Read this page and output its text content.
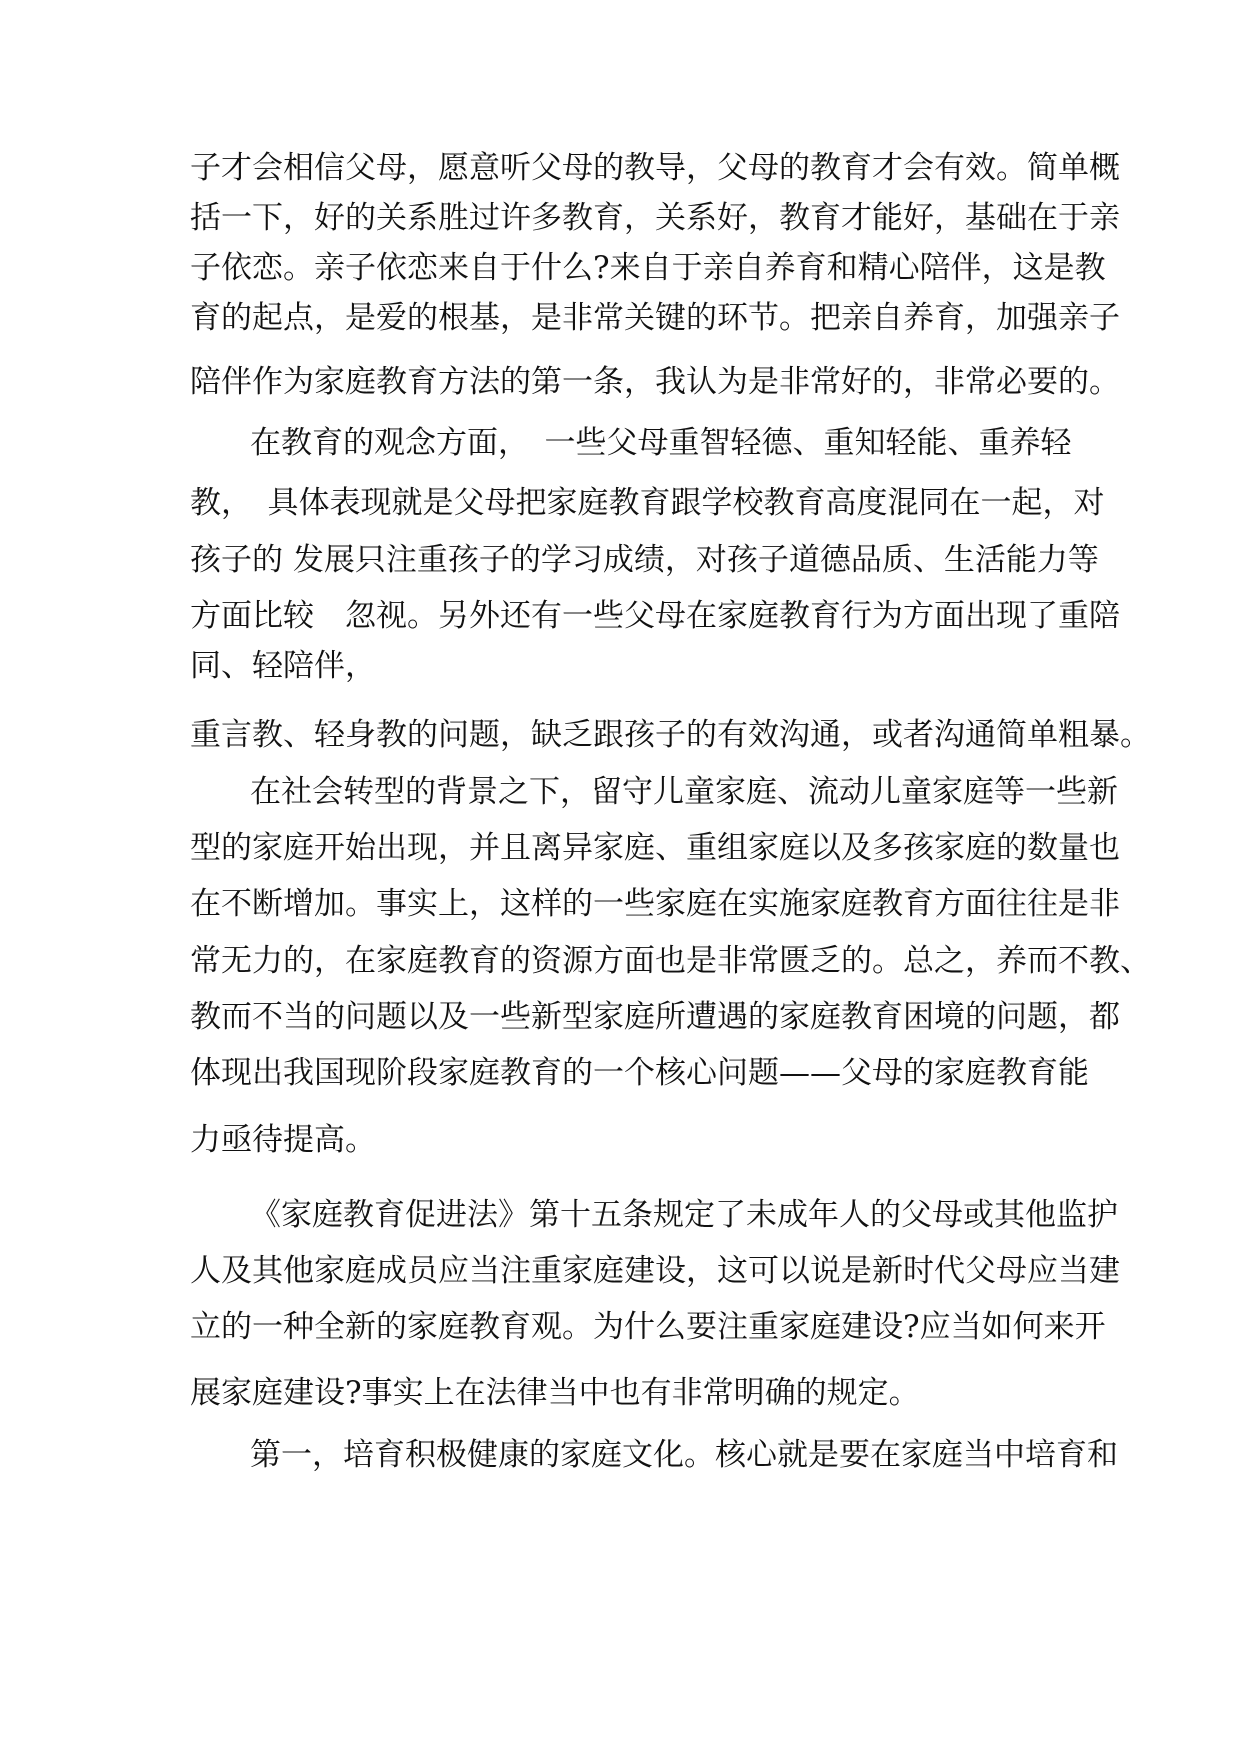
子才会相信父母，愿意听父母的教导，父母的教育才会有效。简单概

括一下，好的关系胜过许多教育，关系好，教育才能好，基础在于亲

子依恋。亲子依恋来自于什么?来自于亲自养育和精心陪伴，这是教

育的起点，是爱的根基，是非常关键的环节。把亲自养育，加强亲子

陪伴作为家庭教育方法的第一条，我认为是非常好的，非常必要的。

在教育的观念方面，　一些父母重智轻德、重知轻能、重养轻

教，　具体表现就是父母把家庭教育跟学校教育高度混同在一起，对

孩子的 发展只注重孩子的学习成绩，对孩子道德品质、生活能力等

方面比较　忽视。另外还有一些父母在家庭教育行为方面出现了重陪

同、轻陪伴，

重言教、轻身教的问题，缺乏跟孩子的有效沟通，或者沟通简单粗暴。

在社会转型的背景之下，留守儿童家庭、流动儿童家庭等一些新

型的家庭开始出现，并且离异家庭、重组家庭以及多孩家庭的数量也

在不断增加。事实上，这样的一些家庭在实施家庭教育方面往往是非

常无力的，在家庭教育的资源方面也是非常匮乏的。总之，养而不教、

教而不当的问题以及一些新型家庭所遭遇的家庭教育困境的问题，都

体现出我国现阶段家庭教育的一个核心问题——父母的家庭教育能

力亟待提高。

《家庭教育促进法》第十五条规定了未成年人的父母或其他监护

人及其他家庭成员应当注重家庭建设，这可以说是新时代父母应当建

立的一种全新的家庭教育观。为什么要注重家庭建设?应当如何来开

展家庭建设?事实上在法律当中也有非常明确的规定。

第一，培育积极健康的家庭文化。核心就是要在家庭当中培育和
